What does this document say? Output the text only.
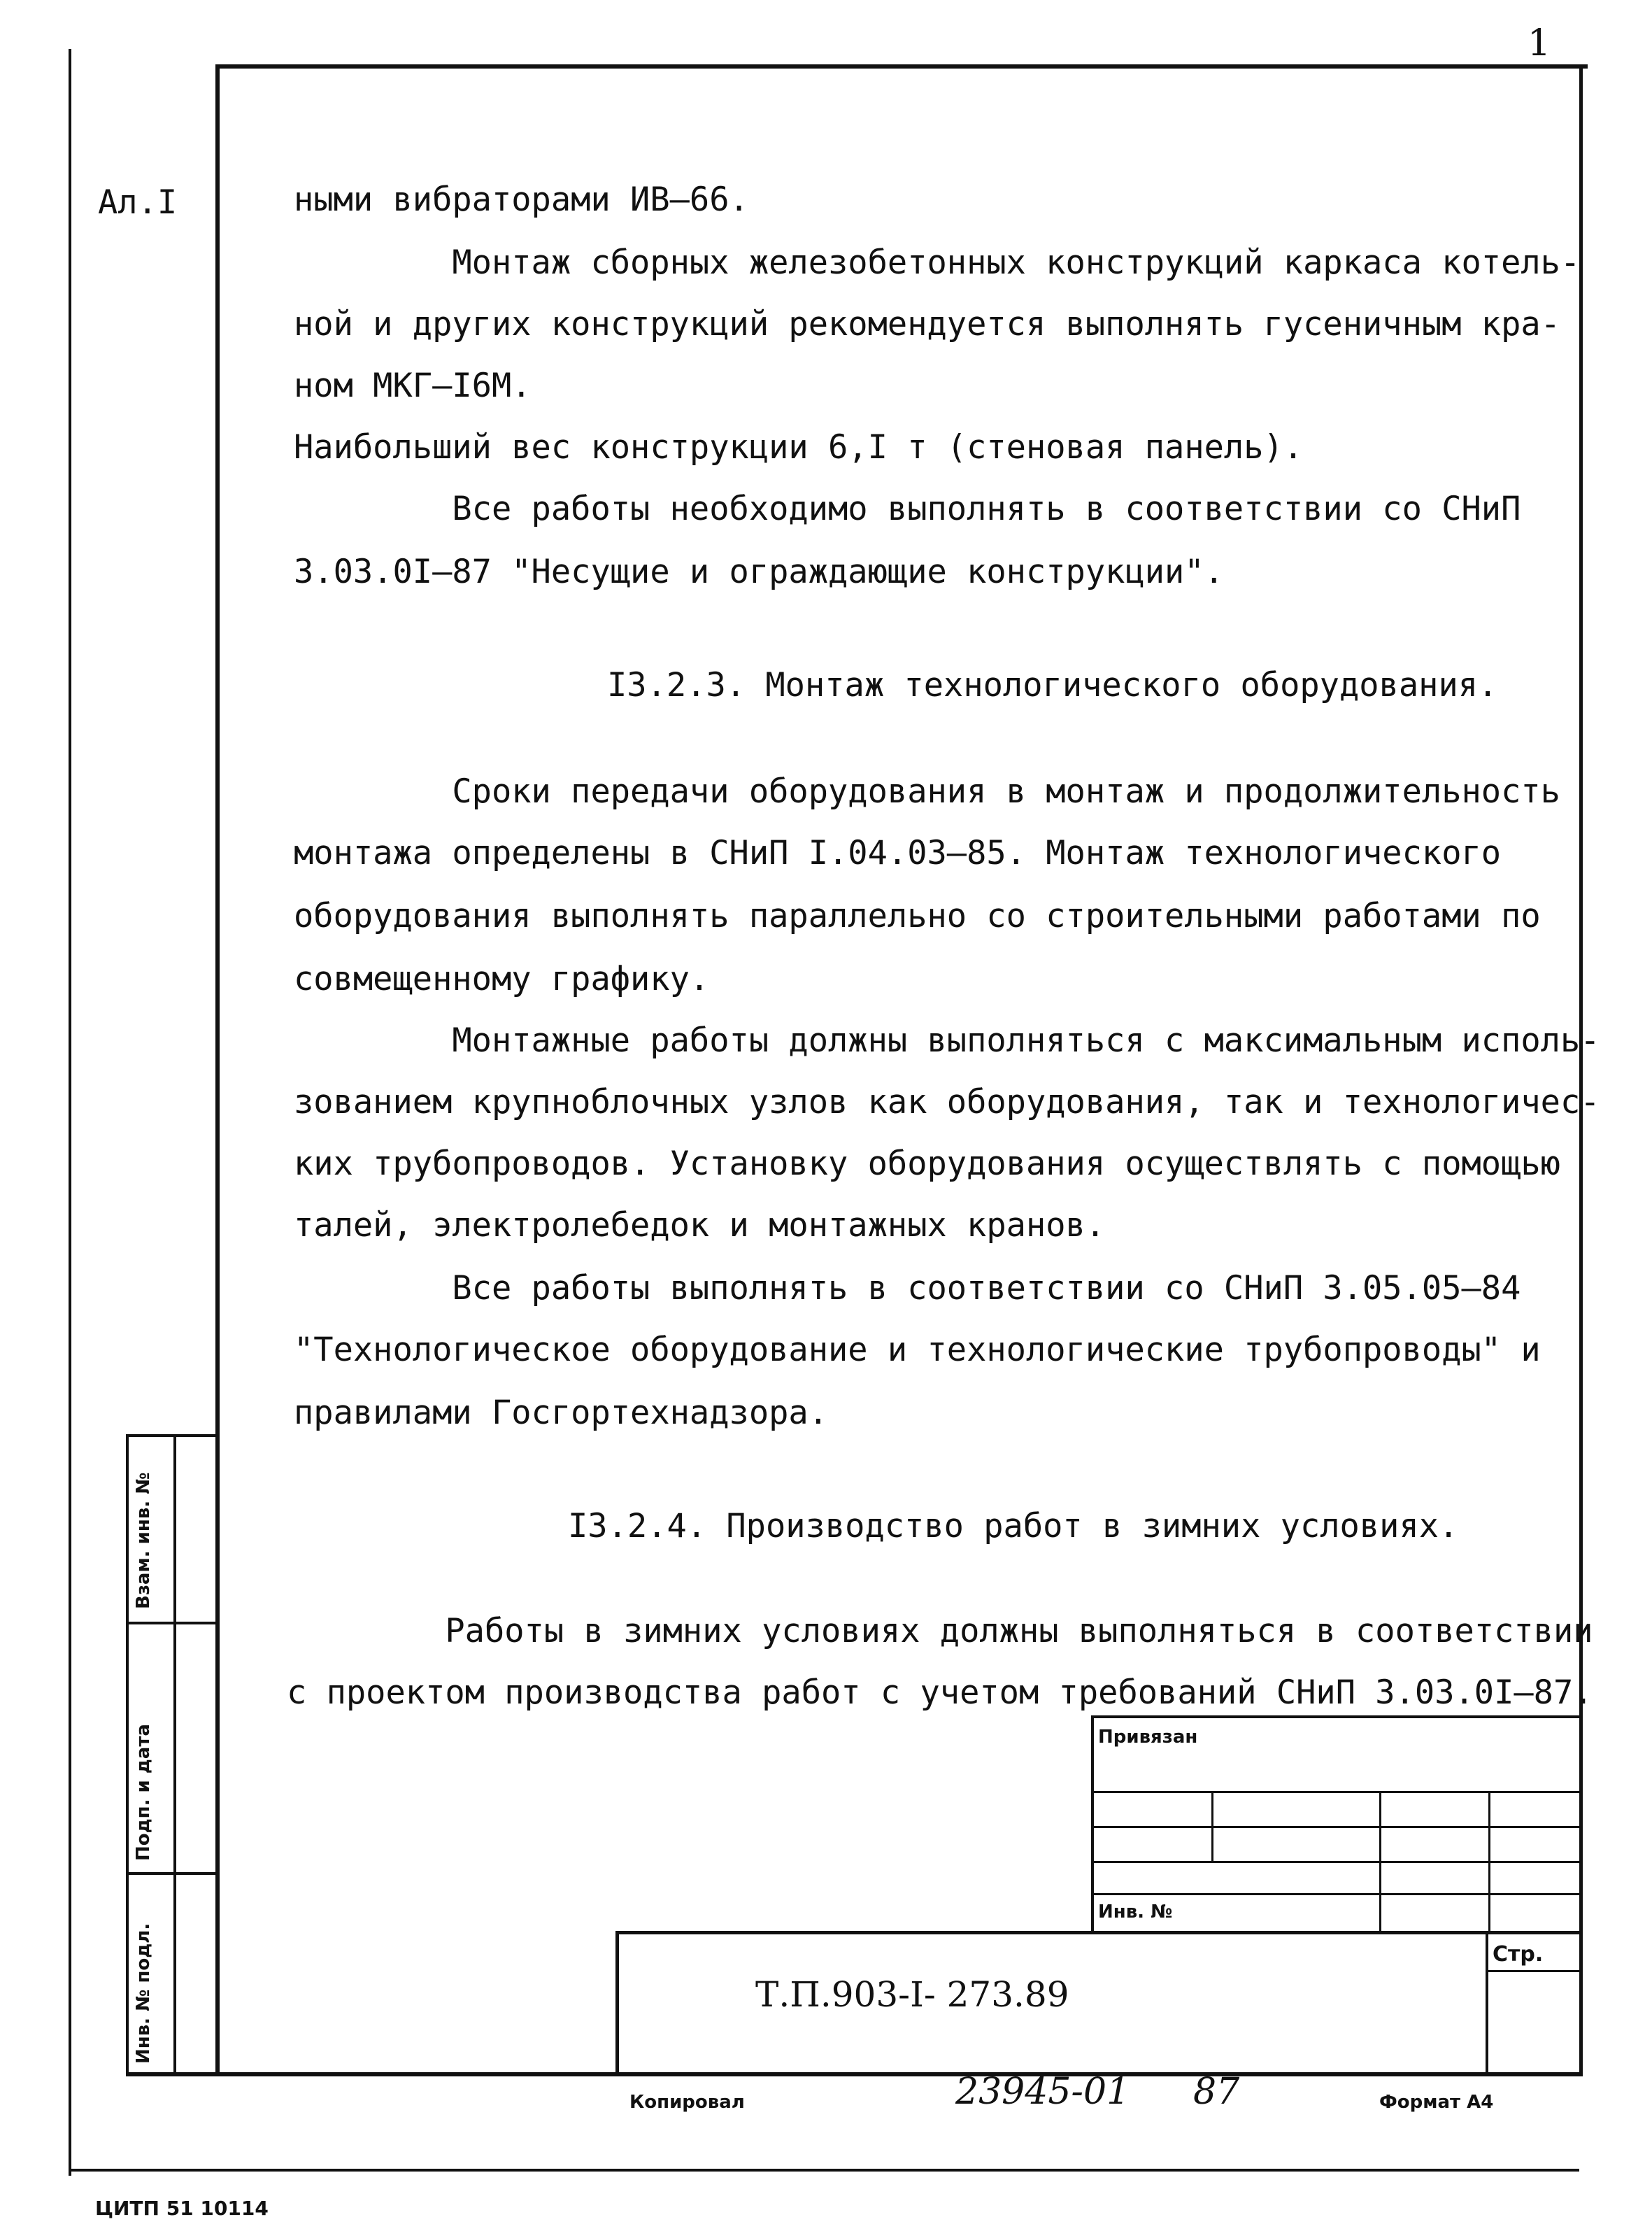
1
Ал.I	ными вибраторами ИВ–66.
Монтаж сборных железобетонных конструкций каркаса котель-
ной и других конструкций рекомендуется выполнять гусеничным кра-
ном МКГ–I6М.
Наибольший вес конструкции 6,I т (стеновая панель).
Все работы необходимо выполнять в соответствии со СНиП
3.03.0I–87 "Несущие и ограждающие конструкции".
I3.2.3. Монтаж технологического оборудования.
Сроки передачи оборудования в монтаж и продолжительность
монтажа определены в СНиП I.04.03–85. Монтаж технологического
оборудования выполнять параллельно со строительными работами по
совмещенному графику.
Монтажные работы должны выполняться с максимальным исполь-
зованием крупноблочных узлов как оборудования, так и технологичес-
ких трубопроводов. Установку оборудования осуществлять с помощью
талей, электролебедок и монтажных кранов.
Все работы выполнять в соответствии со СНиП 3.05.05–84
"Технологическое оборудование и технологические трубопроводы" и
правилами Госгортехнадзора.
I3.2.4. Производство работ в зимних условиях.
Работы в зимних условиях должны выполняться в соответствии
с проектом производства работ с учетом требований СНиП 3.03.0I–87.
Взам. инв. №
Подп. и дата
Инв. № подл.
Привязан
Инв. №
Стр.
Т.П.903-I- 273.89
Копировал	23945-01 87	Формат А4
ЦИТП 51 10114
